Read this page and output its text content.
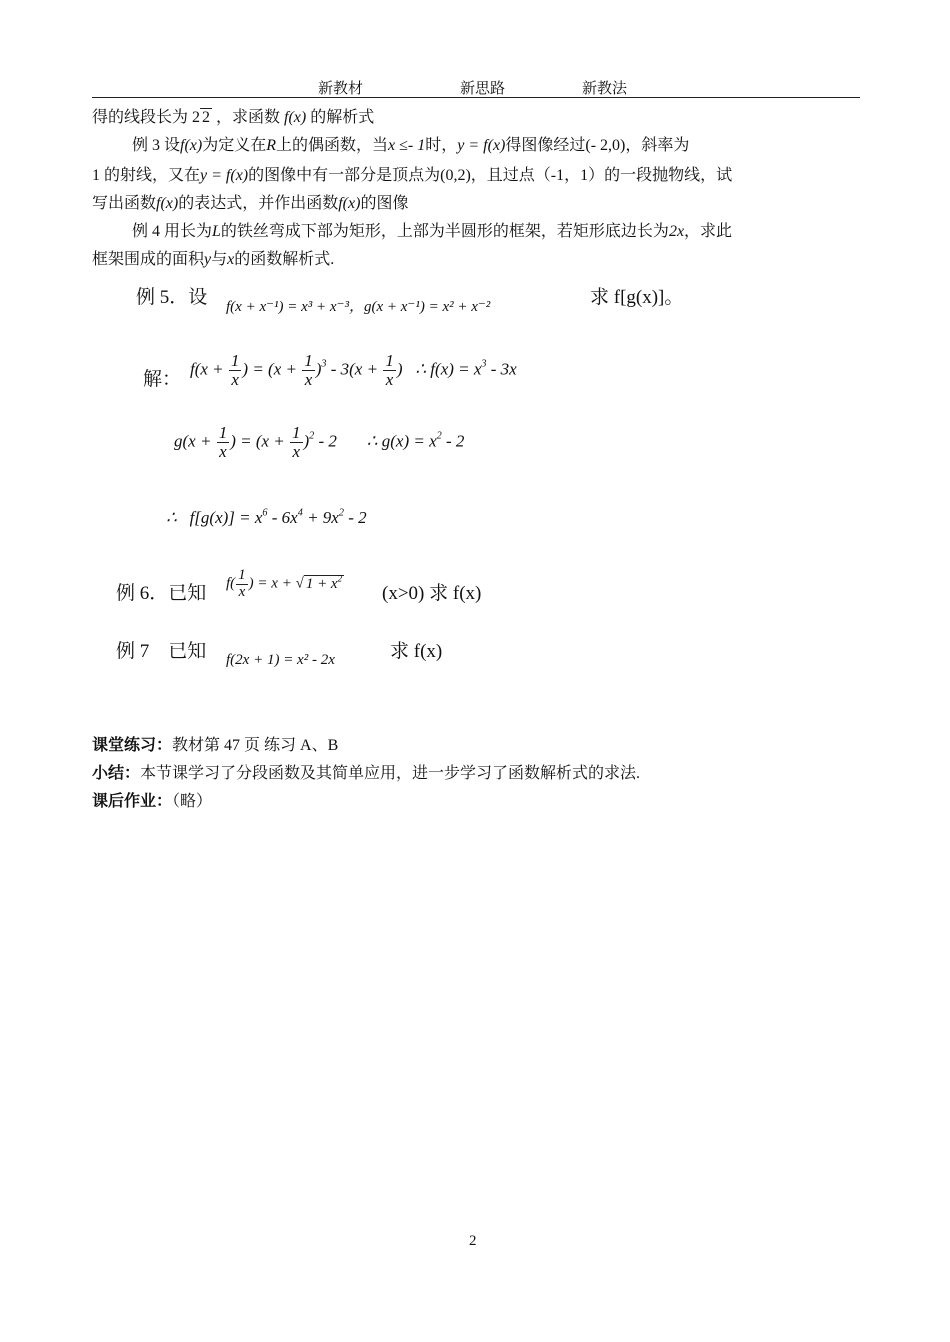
新教材	新思路	新教法
得的线段长为 2 2 ，求函数 f(x) 的解析式
例 3 设f(x)为定义在R上的偶函数，当x ≤- 1时，y = f(x)得图像经过(- 2,0)，斜率为
1 的射线，又在y = f(x)的图像中有一部分是顶点为(0,2)，且过点（-1，1）的一段抛物线，试
写出函数f(x)的表达式，并作出函数f(x)的图像
例 4 用长为L的铁丝弯成下部为矩形，上部为半圆形的框架，若矩形底边长为2x，求此
框架围成的面积y与x的函数解析式.
例 5．设 f(x + x⁻¹) = x³ + x⁻³，g(x + x⁻¹) = x² + x⁻²	求 f[g(x)]。
解：
$f(x + \frac{1}{x}$ ) = $(x + \frac{1}{x} )^3 - 3(x + \frac{1}{x}$ )   ∴ $f(x) = x^3 - 3x$
$g(x + \frac{1}{x}$ ) = $(x + \frac{1}{x} )^2 - 2$       ∴ $g(x) = x^2 - 2$
∴   $f[g(x)] = x^6 - 6x^4 + 9x^2 - 2$
例 6．已知 $f( \frac{1}{x}$ ) = x + √ $1 + x^2$
(x>0) 求 f(x)
例 7　已知 f(2x + 1) = x² - 2x	求 f(x)
课堂练习：教材第 47 页 练习 A、B
小结：本节课学习了分段函数及其简单应用，进一步学习了函数解析式的求法.
课后作业：（略）
2
